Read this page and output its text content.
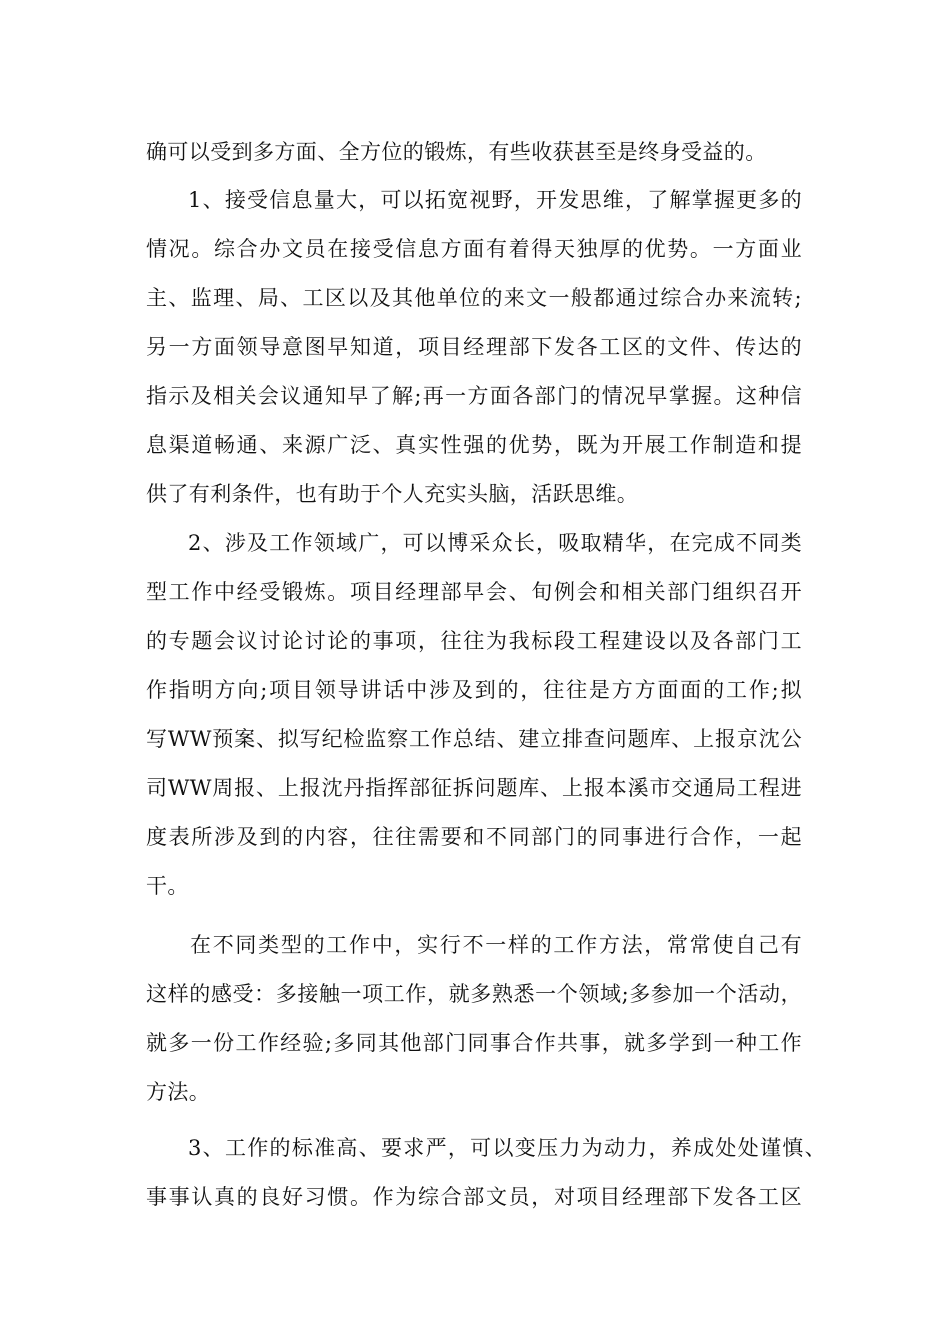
确可以受到多方面、全方位的锻炼，有些收获甚至是终身受益的。
1、接受信息量大，可以拓宽视野，开发思维，了解掌握更多的
情况。综合办文员在接受信息方面有着得天独厚的优势。一方面业
主、监理、局、工区以及其他单位的来文一般都通过综合办来流转;
另一方面领导意图早知道，项目经理部下发各工区的文件、传达的
指示及相关会议通知早了解;再一方面各部门的情况早掌握。这种信
息渠道畅通、来源广泛、真实性强的优势，既为开展工作制造和提
供了有利条件，也有助于个人充实头脑，活跃思维。
2、涉及工作领域广，可以博采众长，吸取精华，在完成不同类
型工作中经受锻炼。项目经理部早会、旬例会和相关部门组织召开
的专题会议讨论讨论的事项，往往为我标段工程建设以及各部门工
作指明方向;项目领导讲话中涉及到的，往往是方方面面的工作;拟
写WW预案、拟写纪检监察工作总结、建立排查问题库、上报京沈公
司WW周报、上报沈丹指挥部征拆问题库、上报本溪市交通局工程进
度表所涉及到的内容，往往需要和不同部门的同事进行合作，一起
干。
在不同类型的工作中，实行不一样的工作方法，常常使自己有
这样的感受：多接触一项工作，就多熟悉一个领域;多参加一个活动，
就多一份工作经验;多同其他部门同事合作共事，就多学到一种工作
方法。
3、工作的标准高、要求严，可以变压力为动力，养成处处谨慎、
事事认真的良好习惯。作为综合部文员，对项目经理部下发各工区
